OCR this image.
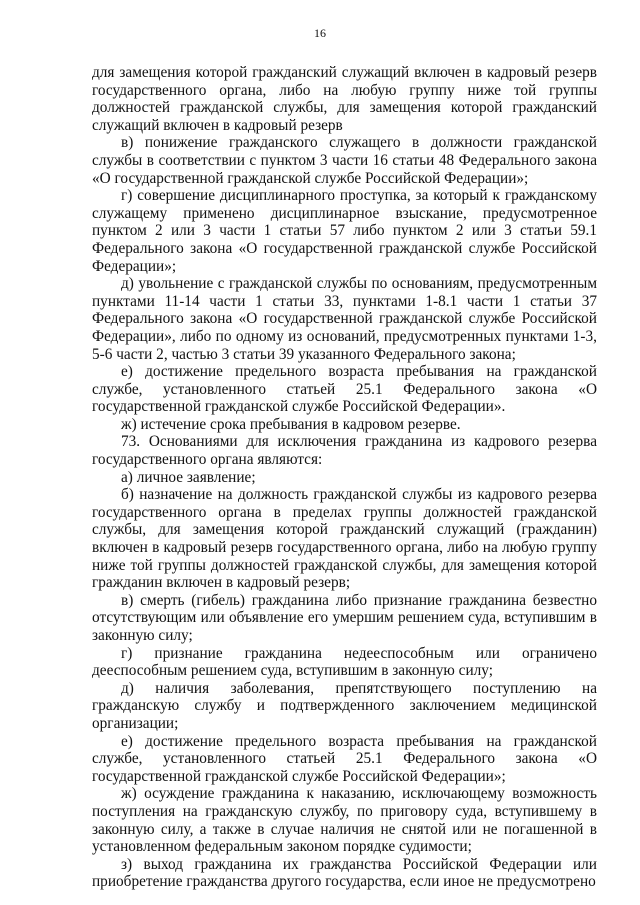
16

для замещения которой гражданский служащий включен в кадровый резерв государственного органа, либо на любую группу ниже той группы должностей гражданской службы, для замещения которой гражданский служащий включен в кадровый резерв

в) понижение гражданского служащего в должности гражданской службы в соответствии с пунктом 3 части 16 статьи 48 Федерального закона «О государственной гражданской службе Российской Федерации»;

г) совершение дисциплинарного проступка, за который к гражданскому служащему применено дисциплинарное взыскание, предусмотренное пунктом 2 или 3 части 1 статьи 57 либо пунктом 2 или 3 статьи 59.1 Федерального закона «О государственной гражданской службе Российской Федерации»;

д) увольнение с гражданской службы по основаниям, предусмотренным пунктами 11-14 части 1 статьи 33, пунктами 1-8.1 части 1 статьи 37 Федерального закона «О государственной гражданской службе Российской Федерации», либо по одному из оснований, предусмотренных пунктами 1-3, 5-6 части 2, частью 3 статьи 39 указанного Федерального закона;

е) достижение предельного возраста пребывания на гражданской службе, установленного статьей 25.1 Федерального закона «О государственной гражданской службе Российской Федерации».

ж) истечение срока пребывания в кадровом резерве.

73. Основаниями для исключения гражданина из кадрового резерва государственного органа являются:

а) личное заявление;

б) назначение на должность гражданской службы из кадрового резерва государственного органа в пределах группы должностей гражданской службы, для замещения которой гражданский служащий (гражданин) включен в кадровый резерв государственного органа, либо на любую группу ниже той группы должностей гражданской службы, для замещения которой гражданин включен в кадровый резерв;

в) смерть (гибель) гражданина либо признание гражданина безвестно отсутствующим или объявление его умершим решением суда, вступившим в законную силу;

г) признание гражданина недееспособным или ограничено дееспособным решением суда, вступившим в законную силу;

д) наличия заболевания, препятствующего поступлению на гражданскую службу и подтвержденного заключением медицинской организации;

е) достижение предельного возраста пребывания на гражданской службе, установленного статьей 25.1 Федерального закона «О государственной гражданской службе Российской Федерации»;

ж) осуждение гражданина к наказанию, исключающему возможность поступления на гражданскую службу, по приговору суда, вступившему в законную силу, а также в случае наличия не снятой или не погашенной в установленном федеральным законом порядке судимости;

з) выход гражданина их гражданства Российской Федерации или приобретение гражданства другого государства, если иное не предусмотрено
